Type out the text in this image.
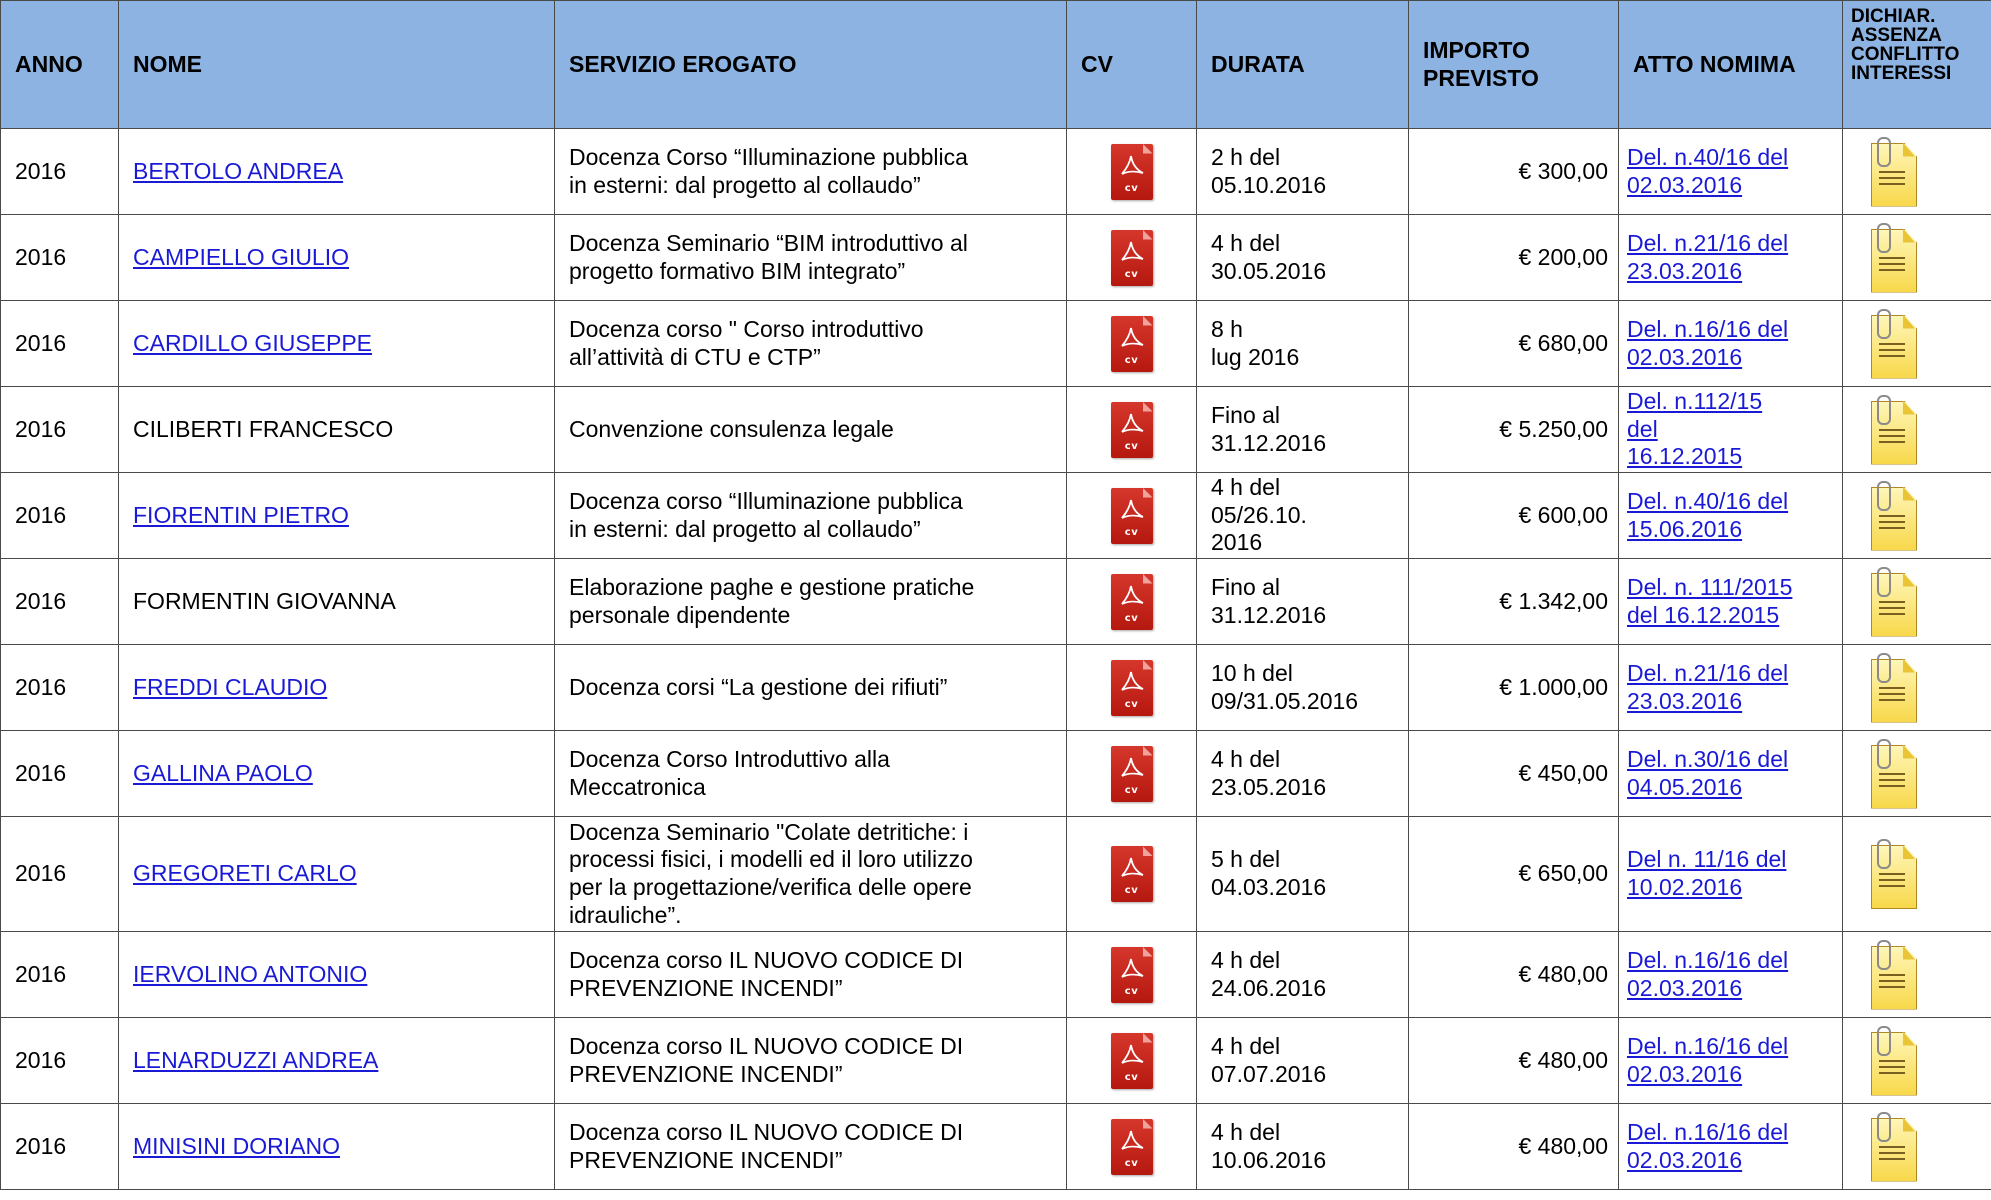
ANNO	NOME	SERVIZIO EROGATO	CV	DURATA	IMPORTO
PREVISTO	ATTO NOMIMA	DICHIAR.
ASSENZA
CONFLITTO
INTERESSI
2016	BERTOLO ANDREA	Docenza Corso “Illuminazione pubblica
in esterni: dal progetto al collaudo”	cv	2 h del
05.10.2016	€ 300,00	Del. n.40/16 del
02.03.2016	

2016	CAMPIELLO GIULIO	Docenza Seminario “BIM introduttivo al
progetto formativo BIM integrato”	cv	4 h del
30.05.2016	€ 200,00	Del. n.21/16 del
23.03.2016	

2016	CARDILLO GIUSEPPE	Docenza corso " Corso introduttivo
all’attività di CTU e CTP”	cv	8 h
lug 2016	€ 680,00	Del. n.16/16 del
02.03.2016	

2016	CILIBERTI FRANCESCO	Convenzione consulenza legale	cv	Fino al
31.12.2016	€ 5.250,00	Del. n.112/15
del
16.12.2015	

2016	FIORENTIN PIETRO	Docenza corso “Illuminazione pubblica
in esterni: dal progetto al collaudo”	cv	4 h del
05/26.10.
2016	€ 600,00	Del. n.40/16 del
15.06.2016	

2016	FORMENTIN GIOVANNA	Elaborazione paghe e gestione pratiche
personale dipendente	cv	Fino al
31.12.2016	€ 1.342,00	Del. n. 111/2015
del 16.12.2015	

2016	FREDDI CLAUDIO	Docenza corsi “La gestione dei rifiuti”	cv	10 h del
09/31.05.2016	€ 1.000,00	Del. n.21/16 del
23.03.2016	

2016	GALLINA PAOLO	Docenza Corso Introduttivo alla
Meccatronica	cv	4 h del
23.05.2016	€ 450,00	Del. n.30/16 del
04.05.2016	

2016	GREGORETI CARLO	Docenza Seminario "Colate detritiche: i
processi fisici, i modelli ed il loro utilizzo
per la progettazione/verifica delle opere
idrauliche”.	cv	5 h del
04.03.2016	€ 650,00	Del n. 11/16 del
10.02.2016	

2016	IERVOLINO ANTONIO	Docenza corso IL NUOVO CODICE DI
PREVENZIONE INCENDI”	cv	4 h del
24.06.2016	€ 480,00	Del. n.16/16 del
02.03.2016	

2016	LENARDUZZI ANDREA	Docenza corso IL NUOVO CODICE DI
PREVENZIONE INCENDI”	cv	4 h del
07.07.2016	€ 480,00	Del. n.16/16 del
02.03.2016	

2016	MINISINI DORIANO	Docenza corso IL NUOVO CODICE DI
PREVENZIONE INCENDI”	cv	4 h del
10.06.2016	€ 480,00	Del. n.16/16 del
02.03.2016	
